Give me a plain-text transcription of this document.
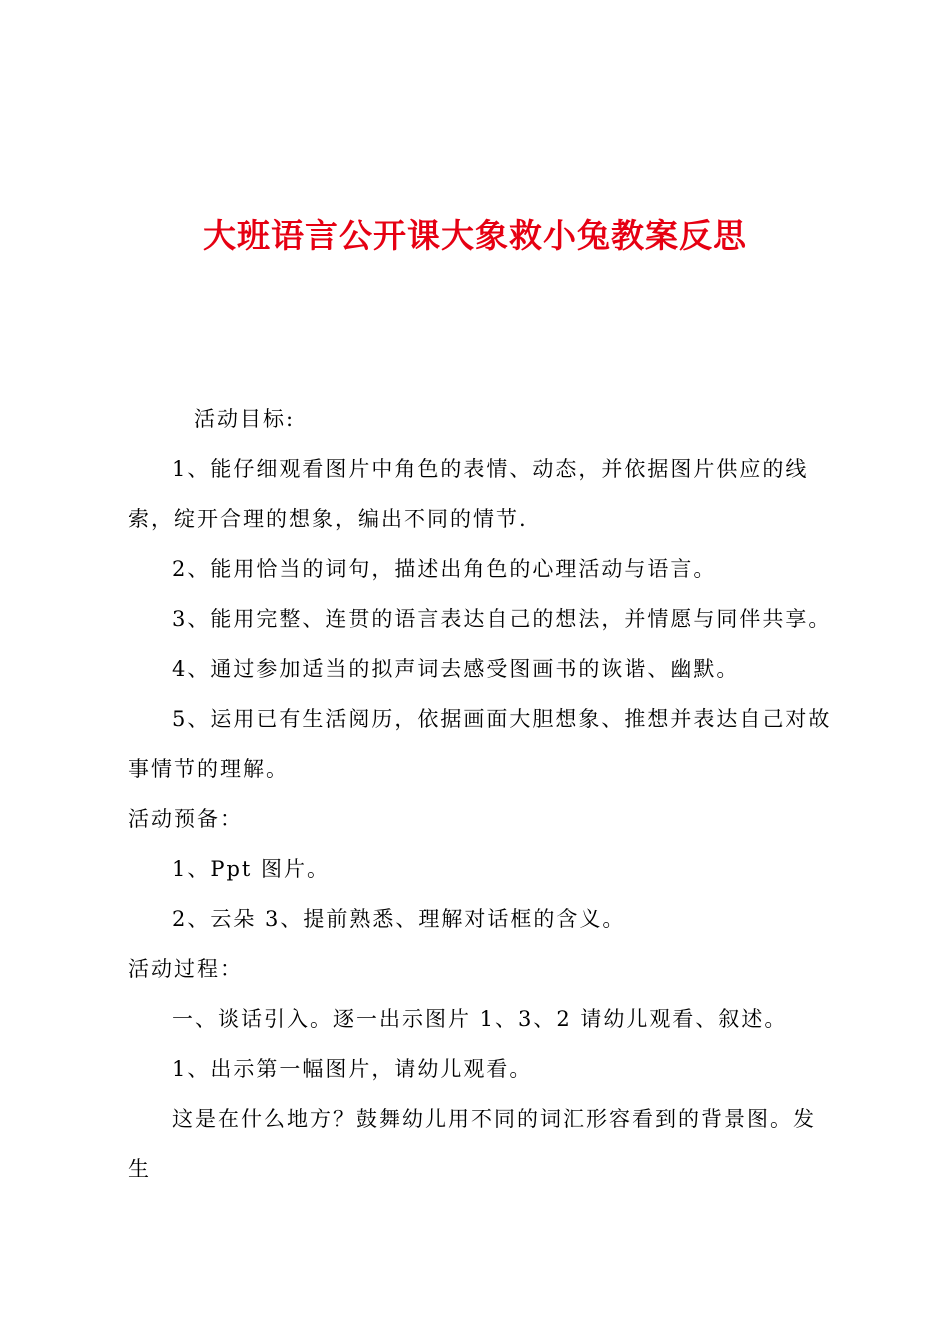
大班语言公开课大象救小兔教案反思

活动目标:

1、能仔细观看图片中角色的表情、动态，并依据图片供应的线索，绽开合理的想象，编出不同的情节.

2、能用恰当的词句，描述出角色的心理活动与语言。

3、能用完整、连贯的语言表达自己的想法，并情愿与同伴共享。

4、通过参加适当的拟声词去感受图画书的诙谐、幽默。

5、运用已有生活阅历，依据画面大胆想象、推想并表达自己对故事情节的理解。

活动预备：

1、Ppt 图片。

2、云朵 3、提前熟悉、理解对话框的含义。

活动过程：

一、谈话引入。逐一出示图片 1、3、2 请幼儿观看、叙述。

1、出示第一幅图片，请幼儿观看。

这是在什么地方？鼓舞幼儿用不同的词汇形容看到的背景图。发生
